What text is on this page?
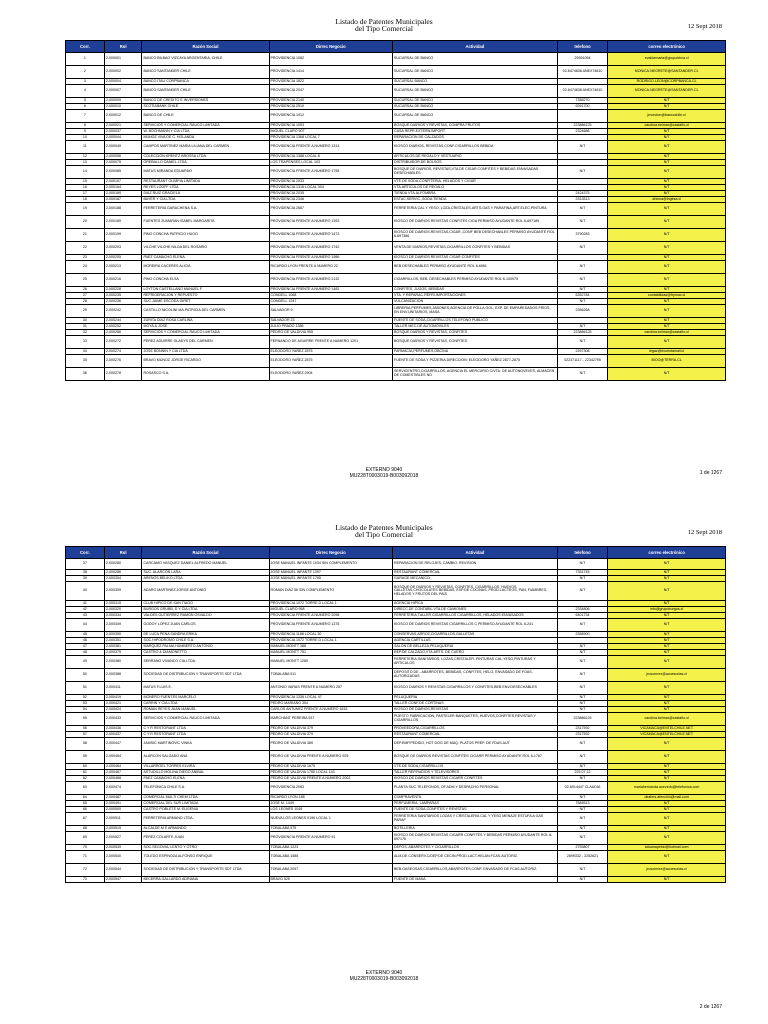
Listado de Patentes Municipales
del Tipo Comercial	12 Sept 2018
Corr.	Rol	Razón Social	Dirrec Negocio	Actividad	telefono	correo electrónico
1	2-000001	BANCO BILBAO VIZCAYA ARGENTARIA, CHILE	PROVIDENCIA 1082	SUCURSAL DE BANCO	29391054	evaldemaria@grupobbva.cl
2	2-000002	BANCO SANTANDER CHILE	PROVIDENCIA 1414	SUCURSAL DE BANCO	02-6474638 ANEX74610	MONICA.NEGRETE@SANTANDER.CL
3	2-000004	BANCO ITAU CORPBANCA	PROVIDENCIA 1822	SUCURSAL BANCO		RODRIGO.LEON@CORPBANCA.CL
4	2-000007	BANCO SANTANDER CHILE	PROVIDENCIA 2047	SUCURSAL DE BANCO	02-6474638 ANEX74610	MONICA.NEGRETE@SANTANDER.CL
5	2-000009	BANCO DE CREDITO E INVERSIONES	PROVIDENCIA 2140	SUCURSAL DE BANCO	7358270	N/T
6	2-000010	SCOTIABANK CHILE	PROVIDENCIA 2510	SUCURSAL DE BANCO	6391700	N/T
7	2-000012	BANCO DE CHILE	PROVIDENCIA 1912	SUCURSAL DE BANCO		jmondon@bancochile.cl
8	2-000021	SERVICIOS Y COMERCIAL RAUCO LIMITADA	PROVIDENCIA 1053	BOSQUE DIARIOS Y REVISTAS, COMPRA FRUTOS	223886125	carolina.belmar@castaño.cl
9	2-000037	W. BOCHMANN Y CIA LTDA	MIGUEL CLARO 907	CASA REPR.EXTERN.IMPORT	2324686	N/T
10	2-000044	MUNOZ VIVA DE C. HOLANDA	PROVIDENCIA 1368 LOCAL 7	REPARACION DE CALZADOS		N/T
11	2-000049	CAMPOS MARTINEZ MARIA LILIANA DEL CARMEN	PROVIDENCIA FRENTE A NUMERO 1314	KIOSCO DIARIOS, REVISTAS,CONF.CIGARRILLOS BEBIDA	N/T	N/T
12	2-000056	COLECCION KRENTZ BROSSA LTDA	PROVIDENCIA 1388 LOCAL 8	ARTICULOS DE REGALO Y VESTUARIO		N/T
13	2-000075	OREBALLO DANIEL LTDA.	LOS TRAPENSES LOCAL 103	DISTRIBUIDOR DE BOLSOS		N/T
14	2-000085	MATUS MIRANDA EDUARDO	PROVIDENCIA FRENTE A NUMERO 1755	BOSQUE DE DIARIOS, REVISTAS,VTA DE CIGAR CONFITES Y BEBIDAS ENVASADAS DESECHABLES	N/T	N/T
15	2-000107	RESTAURANT OLIMPIA LIMITADA	PROVIDENCIA 2033	VTE.DE SODA,CONFITERIA, HELADOS Y CIGAR		N/T
16	2-000164	REYES LOOFF LTDA	PROVIDENCIA 1316 LOCAL 304	VTA.ARTICULOS DE REGALO		N/T
17	2-000169	DIAZ RUIZ GRACIELA	PROVIDENCIA 2035	TIENDA VTA.ALFOMBRA	2424375	N/T
18	2-000187	BAYER Y CIA LTDA	PROVIDENCIA 2346	ESTAC.SERVIC.,SODA.TIENDA	2313513	ahiena@ingirsa.cl
19	2-000188	FERRETERIA GARACHENA S.A.	PROVIDENCIA 2687	FERRETERIA CAL Y YESO, LOZA,CRISTALES,ARTS.GAS Y PARAFINA,ART.ELEC,PINTURA	N/T	N/T
20	2-000189	FUENTES ZUMARAN ISABEL MARGARITA	PROVIDENCIA FRENTE A NUMERO 1393	KIOSCO DE DIARIOS REVISTAS CONFITES CIGA PERMISO AYUDANTE ROL 6-697189	N/T	N/T
21	2-000199	PINO CONCHA PATRICIO HUGO	PROVIDENCIA FRENTE A NUMERO 1473	KIOSCO DE DIARIOS,REVISTAS,CIGAR.,CONF BEB DESECHABLES PERMISO AYUDANTE ROL 6-697386	3790283	N/T
22	2-000203	VILCHE VILCHE NILDA DEL ROSARIO	PROVIDENCIA FRENTE A NUMERO 1742	VENTA DE DIARIOS,REVISTAS,CIGARRILLOS CONFITES Y BEBIDAS	N/T	N/T
23	2-000205	PAEZ CAMACHO ELENA	PROVIDENCIA FRENTE A NUMERO 1986	KIOSCO DE DIARIOS REVISTAS CIGAR CONFITES		N/T
24	2-000213	MOREIRA CACERES ALICIA	RICARDO LYON FRENTE A NUMERO 22	BEB DESECHABLES PERMISO AYUDANTE ROL 6-6061	N/T	N/T
25	2-000216	PINO CONCHA ELSA	PROVIDENCIA FRENTE A NUMERO 2132	CIGARRILLOS, BEB. DESECHABLES PERMISO AYUDANTE ROL 6-100975	N/T	N/T
26	2-000228	LOYTON CASTELLANO MANUEL F.	PROVIDENCIA FRENTE A NUMERO 1482	CONFITES, JUGOS, BEBIDAS	N/T	N/T
27	2-000235	REFRIGERACION Y REPUESTO	CONDELL 1068	VTA. Y REPARAC.REFRI.IMPORTACIONES	6352784	contabilidad@frymac.cl
28	2-000236	SUC.JAIME ESCODA GIRET	CONDELL 1247	VULCANIZACION	N/T	N/T
29	2-000242	CASTILLO NICOLINI MA.PATRICIA DEL CARMEN	SALVADOR 9	LIBRERIA,PERFUMES,JABONES,AGENCIA DE POLLA GOL, EXP. DE EMPAREDADOS FRIOS, EN ENV.UNITARIOS, MASA	2356268	N/T
30	2-000244	ZURITA DIAZ ROSA CARLINA	SALVADOR 23	FUENTE DE SODA,CIGARRILLOS TELEFONO PUBLICO		N/T
31	2-000252	MOYA & JOSE	JULIO PRADO 1386	TALLER MEC.DE AUTOMOVILES	N/T	N/T
32	2-000266	SERVICIOS Y COMERCIAL RAUCO LIMITADA	PEDRO DE VALDIVIA 955	BOSQUE DIARIOS Y REVISTAS, CONFITES	223886125	carolina.belmar@castaño.cl
33	2-000272	PEREZ AGUIRRE GLADYS DEL CARMEN	FERNANDO DE AGUIRRE FRENTE A NUMERO 1201	BOSQUE DIARIOS Y REVISTAS, CONFITES	N/T	N/T
34	2-000274	JOSE BONNIN Y CIA LTDA	ELEODORO YAÑEZ 2875	FARMACIA,PERFUMES,OBCINA	2257308	iegaz@ecuestamail.cl
35	2-000276	BRAVO MUNOZ JORGE RICARDO	ELEODORO YAÑEZ 2875	FUENTE DE SODA Y PIZZERIA DIRECCION: ELEODORO YAÑEZ 2877-2875	022371117 - 22342795	BIOO@TERRA.CL
36	2-000278	ROSASCO S.A.	ELEODORO YAÑEZ 2904	SERVICENTRO,CIGARRILLOS, AGENCIA EL MERCURIO C/VTA. DE AUTONOVEVES, ALMACEN DE COMESTIBLES NO	N/T	N/T
EXTERNO 9040
MU228T0003019-B003092018	1 de 1267
Listado de Patentes Municipales
del Tipo Comercial	12 Sept 2018
Corr.	Rol	Razón Social	Dirrec Negocio	Actividad	telefono	correo electrónico
37	2-000280	CARCAMO VASQUEZ DANIEL ALFREDO MANUEL	JOSE MANUEL INFANTE 1034 SIN COMPLEMENTO	REPARACION DE RELOJES, CAMBIO, REVISION	N/T	N/T
38	2-000286	SUC. ALARCON LARA	JOSE MANUEL INFANTE 1397	RESTAURANT COMERCIAL	7351745	N/T
39	2-000304	ARENOS BELIKO LTDA	JOSE MANUEL INFANTE 1765	GARAGE MECANICO	N/T	N/T
40	2-000309	ADARO MARTINEZ JORGE ANTONIO	ROMAN DIAZ 56 SIN COMPLEMENTO	BOSQUE DE DIARIOS Y REVISTAS, CONFITES, CIGARRILLOS, HUEVOS, GALLETAS,CHOCOLATES BEBIDAS, EXP.DE COCINAS, PROD.LACTEOS, PAN, FIAMBRES, HELADOS Y FRUTOS DEL PAIS	N/T	N/T
41	2-000315	CLUB HIPICO DE SAN TIAGO	PROVIDENCIA 1072 TORRE D LOCAL 1	AGENCIA HIPICA		N/T
42	2-000320	BURGOS GRUBB, D Y CIA LTDA	MIGUEL CLARO 958	DIRECC.DE CONTABIL.VTA.DE CAMIONES	2334806	info@grupoburgos.cl
43	2-000334	VALDES GUTIERREZ RAMON OSVALDO	PROVIDENCIA FRENTE A NUMERO 2098	FERRETERIA,TALLER CIGARRILLOS CIGARRILLOS, HELADOS ENVASADOS	6401734	N/T
44	2-000349	GODOY LOPEZ JUAN CARLOS	PROVIDENCIA FRENTE A NUMERO 1375	KIOSCO DE DIARIOS REVISTAS CIGARRILLOS C PERMISO AYUDANTE ROL 6-241	N/T	N/T
45	2-000350	DE LUCA PENA SANDRA ERIKA	PROVIDENCIA 1188 LOCAL 30	CONSERVAS,ARROZ,CIGARRILLOS,GALLETAS	2358900	N/T
46	2-000351	SOC.HIPODROMO CHILE S.A.	PROVIDENCIA 1072 TORRE D LOCAL 1	AGENCIA CARTILLAS		N/T
47	2-000361	MARQUEZ PALMA HUMBERTO ANTONIO	MANUEL MONTT 388	SALON DE BELLEZA,PELUQUERIA	N/T	N/T
48	2-000375	CASTRO & DIAMONETTO	MANUEL MONTT 751	REP.DE CALZADO.VTA.ARTS. DE CUERO	N/T	N/T
49	2-000380	SERRANO VIVANCO CIA.LTDA.	MANUEL MONTT 1289	FERRETERIA,SANITARIOS, LOZAS,CRISTALER.,PINTURAS CAL,YESO,PINTURAS Y ARTICULOS	N/T	N/T
50	2-000388	SOCIEDAD DE DISTRIBUCION Y TRANSPORTS SDT LTDA	TOBALABA 911	DEPOSITO DE - ABARROTES, BEBIDAS, CONFITES, HELO, ENVASADO DE FOAS, AUTORIZADAS	N/T	jrusomrez@acuesorias.cl
51	2-000411	MATUS F.LUIS E.	ANTONIO VARAS FRENTE A NUMERO 257	KIOSCO DIARIOS Y REVISTAS CIGARRILLOS Y CONFITES,BEB ENV.DESECHABLES	N/T	N/T
52	2-000419	MONERO FUENTES MARCELO	PROVIDENCIA 1336 LOCAL 47	PELUQUERIA	N/T	N/T
53	2-000421	CARRIN Y CIA.LTDA	PEDRO MARIANO 354	TALLER CONF.DE CORTINAS	N/T	N/T
54	2-000424	ROMAN REYES JUAN MANUEL	CARLOS ANTUNEZ FRENTE A NUMERO 1815	KIOSCO DE DIARIOS,REVISTAS	N/T	N/T
55	2-000433	SERVICIOS Y COMERCIAL RAUCO LIMITADA	MARCHANT PEREIRA 537	PUESTO FABRICACION, PASTELER BANQUETES, HUEVOS,CONFITES,REVISTAS Y CIGARRILLOS	223886125	carolina.belmar@castaño.cl
56	2-000436	C Y R RESTORANT LTDA	PEDRO DE VALDIVIA 379	PROVEEDORA,CIGARRILLOS	2317592	VICAMACA@ENTELCHILE.NET
57	2-000437	C Y R RESTORANT LTDA	PEDRO DE VALDIVIA 379	RESTAURANT COMERCIAL	2317592	VICAMACA@ENTELCHILE.NET
58	2-000447	JAMSIC MARTINOVIC VINKA	PEDRO DE VALDIVIA 389	DEP.EMP.PEDIDO, HOT DOG DE MAQ. PLATOS PREP. DE FDAS.AUT	N/T	N/T
59	2-000454	ALARCON SALGADO ANA	PEDRO DE VALDIVIA FRENTE A NUMERO 925	BOSQUE DE DIARIOS REVISTAS CONFITES CIGARR PERMISO AYUDANTE ROL 6-1767	N/T	N/T
60	2-000464	VILLARROEL TORRES ELVIRA	PEDRO DE VALDIVIA 1675	VTE.DE SODA,CIGARRILLOS	N/T	N/T
61	2-000467	ASTUDILLO MOLINA DIEGO ANIBAL	PEDRO DE VALDIVIA 1780 LOCAL 143	TALLER REP.RADIOS Y TELEVISORES	225 07 12	N/T
62	2-000468	PAEZ CAMACHO ELENA	PEDRO DE VALDIVIA FRENTE A NUMERO 2002	KIOSCO DE DIARIOS REVISTAS CIGARR CONFITES	N/T	N/T
63	2-000474	TELEFONICA CHILE S.A.	PROVIDENCIA 2083	PLANTA SUC.TELEFONOS, OF.ADM.Y DESPACHO PERSONAL	02-6914447 CLAUDIA	mariahernanda.acevedo@telefonica.com
64	2-000487	COMERCIAL MULTI CHEM LTDA	RICARDO LYON 188	COMPRAVENTA	N/T	dealers.atención@mail.com
65	2-000491	COMERCIAL DEL SUR LIMITADA	JOSE M. 1449	PERFUMERIA, LAMPARAS	7685513	N/T
66	2-000500	CASTRO POBLETE M. EUGENIA	LOS LEONES 1045	FUENTE DE SODA,CONFITES Y REVISTAS	N/T	N/T
67	2-000511	FERRETERIA ARMANO LTDA.	NUEVA LOS LEONES 0196 LOCAL 1	FERRETERIA SANITARIOS LOZAS Y CRISTALERIA CAL Y YESO MENAJE ESTUFA A GAS PARAF	N/T	N/T
68	2-000515	ALCALDE M E ARMANDO	TOBALABA 975	BOTILLERIA	N/T	N/T
69	2-000527	PEREZ COLARTE JUAN	PROVIDENCIA FRENTE A NUMERO 91	KIOSCO DE DIARIOS REVISTAS CIGARR CONFITES Y BEBIDAS PERMISO AYUDANTE ROL 6-697176	N/T	N/T
70	2-000539	SOC.SEGOVIA, LENTO Y OTRO	TOBALABA 1223	DEPOS. ABARROTES Y CIGARRILLOS	2753807	aduanapeblo@hotmail.com
71	2-000540	TOLEDO ESPINOZA ALFONSO ENRIQUE	TOBALABA 1585	ALM.DE CONSERV.C/DEP.DE CECIN,PROD.LACT.HELAN.FCAS.AUTORIZ.	2699332 - 2252621	N/T
72	2-000544	SOCIEDAD DE DISTRIBUCION Y TRANSPORTS SDT LTDA	TOBALABA 2097	BEB.GASEOSAS,CIGARRILLOS,ABARROTES,CONF. ENVASADO DE FCAS.AUTORIZ.	N/T	jrusomrez@acuesorias.cl
73	2-000547	BECERRA GALLARDO ADRIANA	BRAVO 525	FUENTE DE MASA	N/T	N/T
EXTERNO 9040
MU228T0003019-B003092018
2 de 1267
